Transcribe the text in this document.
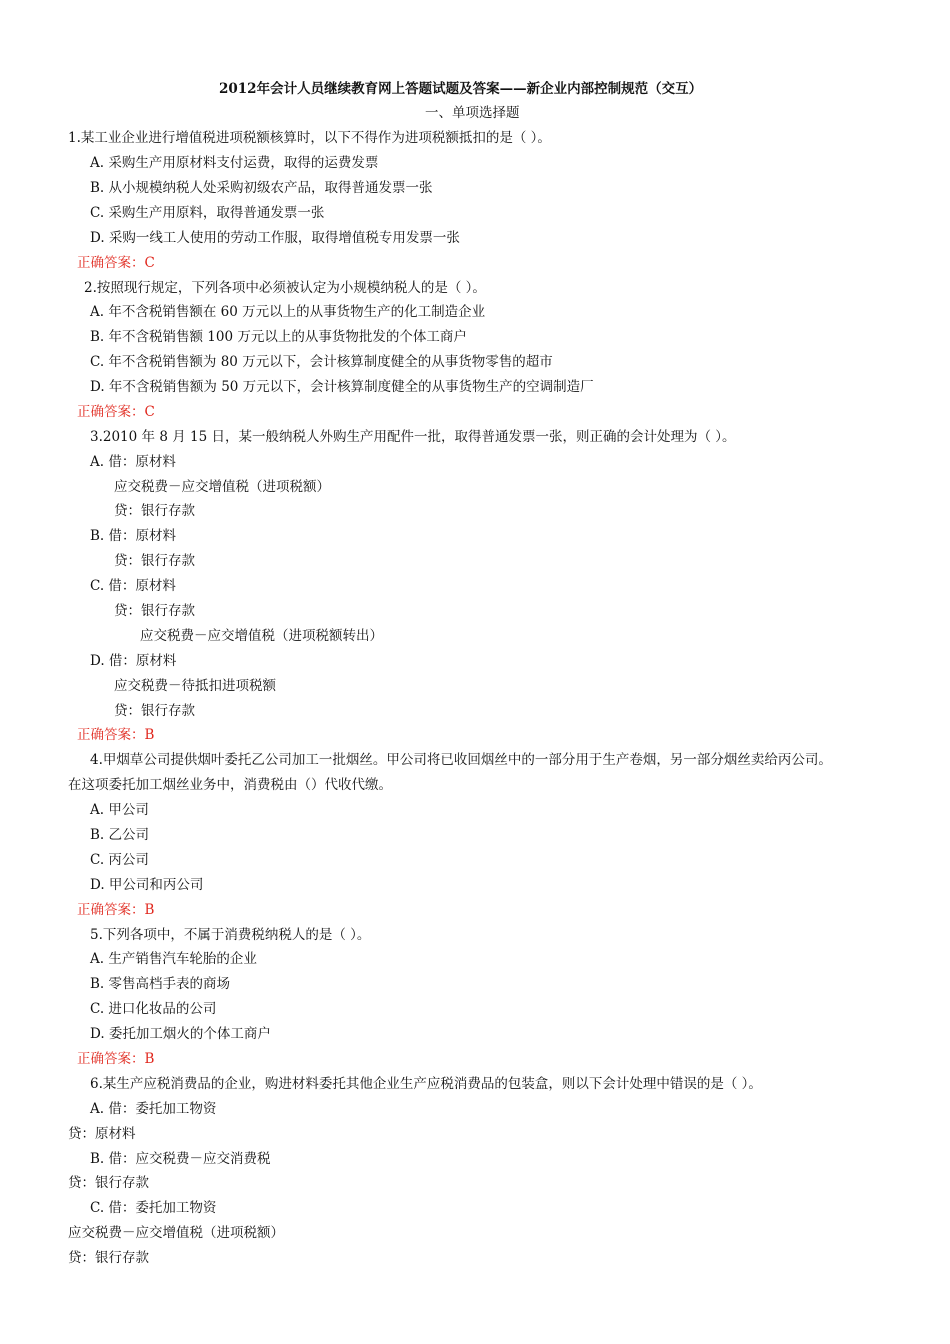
2012年会计人员继续教育网上答题试题及答案——新企业内部控制规范（交互）
一、单项选择题
1.某工业企业进行增值税进项税额核算时，以下不得作为进项税额抵扣的是（ ）。
A. 采购生产用原材料支付运费，取得的运费发票
B. 从小规模纳税人处采购初级农产品，取得普通发票一张
C. 采购生产用原料，取得普通发票一张
D. 采购一线工人使用的劳动工作服，取得增值税专用发票一张
正确答案：C
2.按照现行规定，下列各项中必须被认定为小规模纳税人的是（ ）。
A. 年不含税销售额在 60 万元以上的从事货物生产的化工制造企业
B. 年不含税销售额 100 万元以上的从事货物批发的个体工商户
C. 年不含税销售额为 80 万元以下，会计核算制度健全的从事货物零售的超市
D. 年不含税销售额为 50 万元以下，会计核算制度健全的从事货物生产的空调制造厂
正确答案：C
3.2010 年 8 月 15 日，某一般纳税人外购生产用配件一批，取得普通发票一张，则正确的会计处理为（ ）。
A. 借：原材料
应交税费－应交增值税（进项税额）
贷：银行存款
B. 借：原材料
贷：银行存款
C. 借：原材料
贷：银行存款
应交税费－应交增值税（进项税额转出）
D. 借：原材料
应交税费－待抵扣进项税额
贷：银行存款
正确答案：B
4.甲烟草公司提供烟叶委托乙公司加工一批烟丝。甲公司将已收回烟丝中的一部分用于生产卷烟，另一部分烟丝卖给丙公司。
在这项委托加工烟丝业务中，消费税由（）代收代缴。
A. 甲公司
B. 乙公司
C. 丙公司
D. 甲公司和丙公司
正确答案：B
5.下列各项中，不属于消费税纳税人的是（ ）。
A. 生产销售汽车轮胎的企业
B. 零售高档手表的商场
C. 进口化妆品的公司
D. 委托加工烟火的个体工商户
正确答案：B
6.某生产应税消费品的企业，购进材料委托其他企业生产应税消费品的包装盒，则以下会计处理中错误的是（ ）。
A. 借：委托加工物资
贷：原材料
B. 借：应交税费－应交消费税
贷：银行存款
C. 借：委托加工物资
应交税费－应交增值税（进项税额）
贷：银行存款
